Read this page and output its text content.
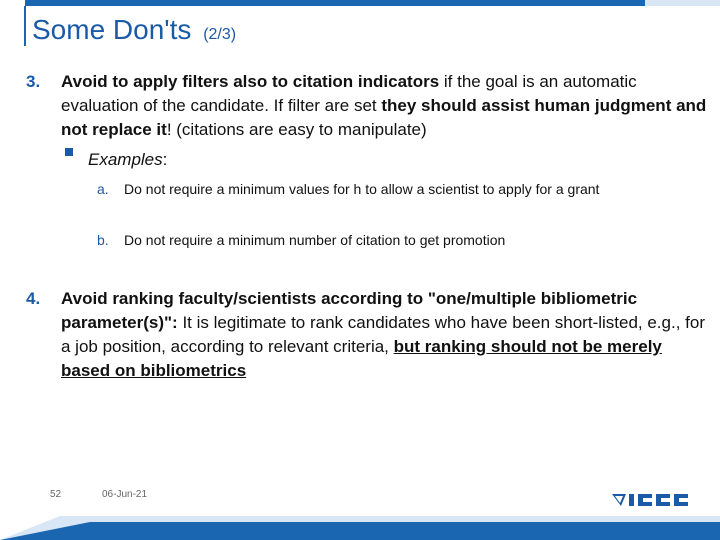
Some Don'ts (2/3)
3. Avoid to apply filters also to citation indicators if the goal is an automatic evaluation of the candidate. If filter are set they should assist human judgment and not replace it! (citations are easy to manipulate)
Examples:
a. Do not require a minimum values for h to allow a scientist to apply for a grant
b. Do not require a minimum number of citation to get promotion
4. Avoid ranking faculty/scientists according to "one/multiple bibliometric parameter(s)": It is legitimate to rank candidates who have been short-listed, e.g., for a job position, according to relevant criteria, but ranking should not be merely based on bibliometrics
52	06-Jun-21
